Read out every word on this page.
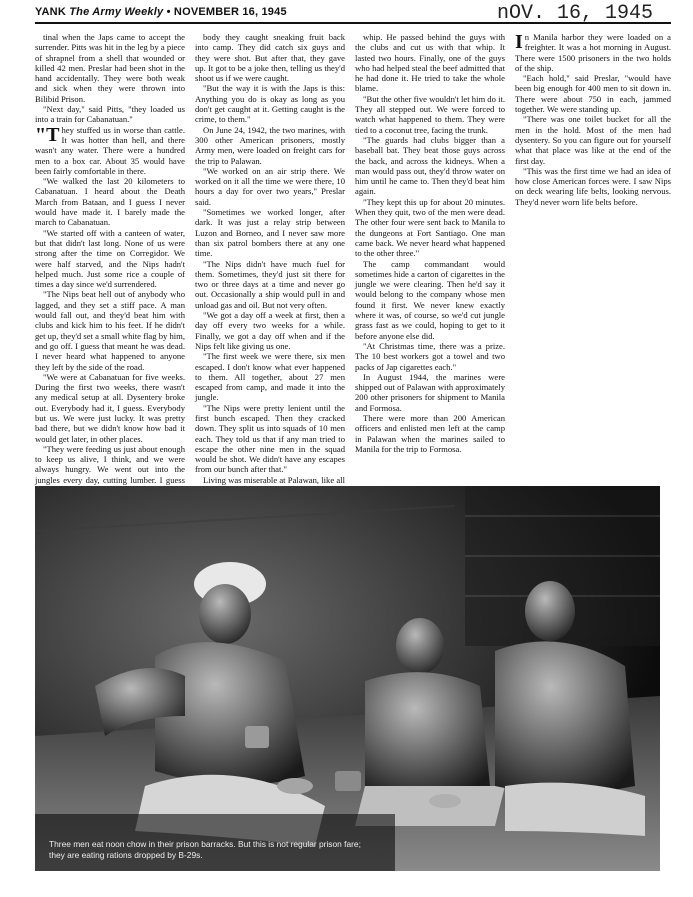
YANK The Army Weekly • NOVEMBER 16, 1945	nOV. 16, 1945

tinal when the Japs came to accept the surrender. Pitts was hit in the leg by a piece of shrapnel from a shell that wounded or killed 42 men. Preslar had been shot in the hand accidentally. They were both weak and sick when they were thrown into Bilibid Prison.

"Next day," said Pitts, "they loaded us into a train for Cabanatuan."

"They stuffed us in worse than cattle. It was hotter than hell, and there wasn't any water. There were a hundred men to a box car. About 35 would have been fairly comfortable in there.

"We walked the last 20 kilometers to Cabanatuan. I heard about the Death March from Bataan, and I guess I never would have made it. I barely made the march to Cabanatuan.

"We started off with a canteen of water, but that didn't last long. None of us were strong after the time on Corregidor. We were half starved, and the Nips hadn't helped much. Just some rice a couple of times a day since we'd surrendered.

"The Nips beat hell out of anybody who lagged, and they set a stiff pace. A man would fall out, and they'd beat him with clubs and kick him to his feet. If he didn't get up, they'd set a small white flag by him, and go off. I guess that meant he was dead. I never heard what happened to anyone they left by the side of the road.

"We were at Cabanatuan for five weeks. During the first two weeks, there wasn't any medical setup at all. Dysentery broke out. Everybody had it, I guess. Everybody but us. We were just lucky. It was pretty bad there, but we didn't know how bad it would get later, in other places.

"They were feeding us just about enough to keep us alive, I think, and we were always hungry. We went out into the jungles every day, cutting lumber. I guess

body they caught sneaking fruit back into camp. They did catch six guys and they were shot. But after that, they gave up. It got to be a joke then, telling us they'd shoot us if we were caught.

"But the way it is with the Japs is this: Anything you do is okay as long as you don't get caught at it. Getting caught is the crime, to them."

On June 24, 1942, the two marines, with 300 other American prisoners, mostly Army men, were loaded on freight cars for the trip to Palawan.

"We worked on an air strip there. We worked on it all the time we were there, 10 hours a day for over two years," Preslar said.

"Sometimes we worked longer, after dark. It was just a relay strip between Luzon and Borneo, and I never saw more than six patrol bombers there at any one time.

"The Nips didn't have much fuel for them. Sometimes, they'd just sit there for two or three days at a time and never go out. Occasionally a ship would pull in and unload gas and oil. But not very often.

"We got a day off a week at first, then a day off every two weeks for a while. Finally, we got a day off when and if the Nips felt like giving us one.

"The first week we were there, six men escaped. I don't know what ever happened to them. All together, about 27 men escaped from camp, and made it into the jungle.

"The Nips were pretty lenient until the first bunch escaped. Then they cracked down. They split us into squads of 10 men each. They told us that if any man tried to escape the other nine men in the squad would be shot. We didn't have any escapes from our bunch after that."

Living was miserable at Palawan, like all

whip. He passed behind the guys with the clubs and cut us with that whip. It lasted two hours. Finally, one of the guys who had helped steal the beef admitted that he had done it. He tried to take the whole blame.

"But the other five wouldn't let him do it. They all stepped out. We were forced to watch what happened to them. They were tied to a coconut tree, facing the trunk.

"The guards had clubs bigger than a baseball bat. They beat those guys across the back, and across the kidneys. When a man would pass out, they'd throw water on him until he came to. Then they'd beat him again.

"They kept this up for about 20 minutes. When they quit, two of the men were dead. The other four were sent back to Manila to the dungeons at Fort Santiago. One man came back. We never heard what happened to the other three."

The camp commandant would sometimes hide a carton of cigarettes in the jungle we were clearing. Then he'd say it would belong to the company whose men found it first. We never knew exactly where it was, of course, so we'd cut jungle grass fast as we could, hoping to get to it before anyone else did.

"At Christmas time, there was a prize. The 10 best workers got a towel and two packs of Jap cigarettes each."

In August 1944, the marines were shipped out of Palawan with approximately 200 other prisoners for shipment to Manila and Formosa.

There were more than 200 American officers and enlisted men left at the camp in Palawan when the marines sailed to Manila for the trip to Formosa.

In Manila harbor they were loaded on a freighter. It was a hot morning in August. There were 1500 prisoners in the two holds of the ship.

"Each hold," said Preslar, "would have been big enough for 400 men to sit down in. There were about 750 in each, jammed together. We were standing up.

"There was one toilet bucket for all the men in the hold. Most of the men had dysentery. So you can figure out for yourself what that place was like at the end of the first day.

"This was the first time we had an idea of how close American forces were. I saw Nips on deck wearing life belts, looking nervous. They'd never worn life belts before.

Three men eat noon chow in their prison barracks. But this is not regular prison fare; they are eating rations dropped by B-29s.
